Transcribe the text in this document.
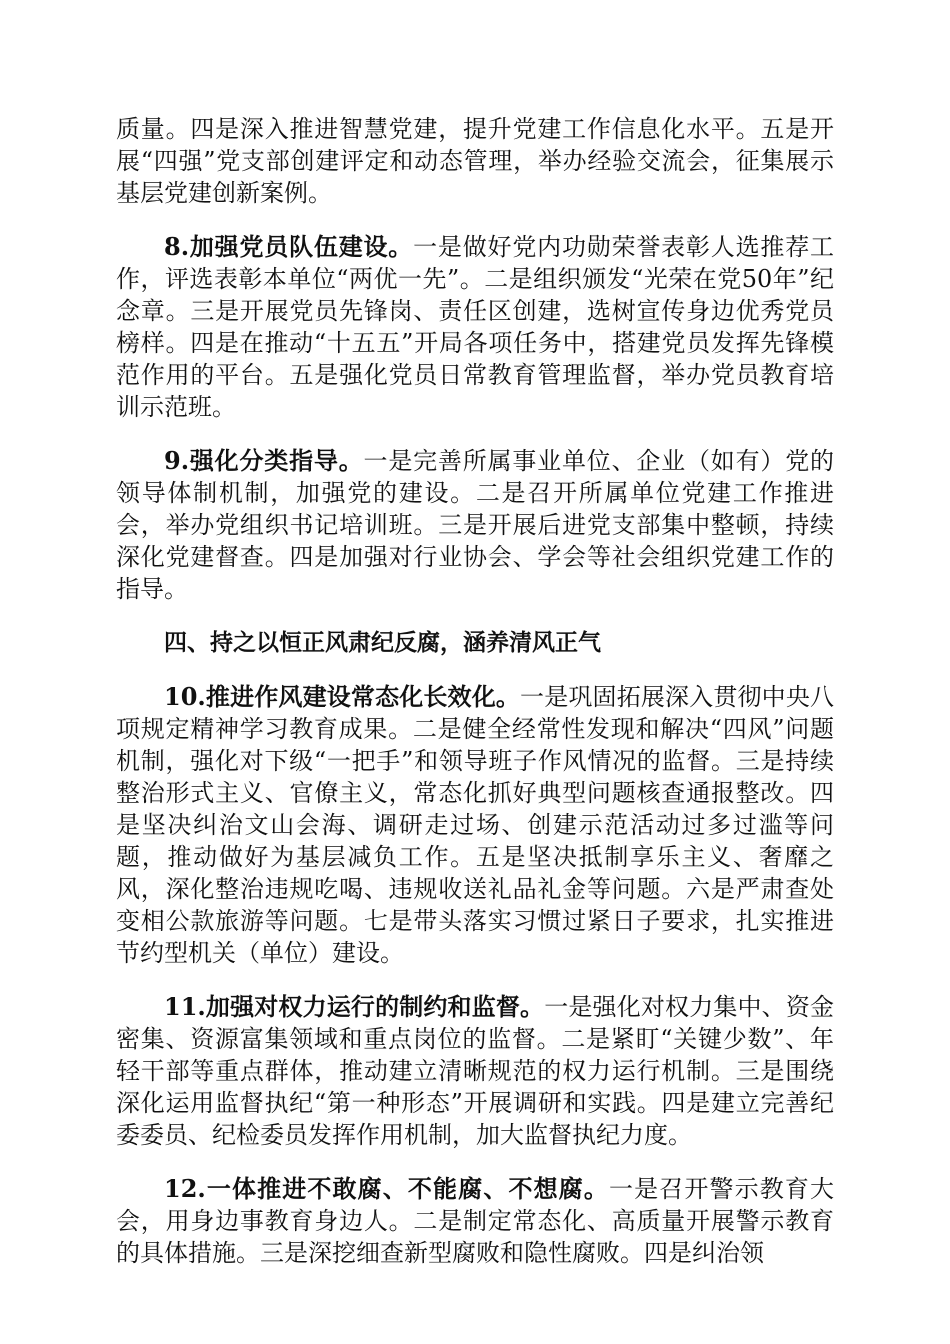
质量。四是深入推进智慧党建，提升党建工作信息化水平。五是开展“四强”党支部创建评定和动态管理，举办经验交流会，征集展示基层党建创新案例。

8.加强党员队伍建设。一是做好党内功勋荣誉表彰人选推荐工作，评选表彰本单位“两优一先”。二是组织颁发“光荣在党50年”纪念章。三是开展党员先锋岗、责任区创建，选树宣传身边优秀党员榜样。四是在推动“十五五”开局各项任务中，搭建党员发挥先锋模范作用的平台。五是强化党员日常教育管理监督，举办党员教育培训示范班。

9.强化分类指导。一是完善所属事业单位、企业（如有）党的领导体制机制，加强党的建设。二是召开所属单位党建工作推进会，举办党组织书记培训班。三是开展后进党支部集中整顿，持续深化党建督查。四是加强对行业协会、学会等社会组织党建工作的指导。

四、持之以恒正风肃纪反腐，涵养清风正气

10.推进作风建设常态化长效化。一是巩固拓展深入贯彻中央八项规定精神学习教育成果。二是健全经常性发现和解决“四风”问题机制，强化对下级“一把手”和领导班子作风情况的监督。三是持续整治形式主义、官僚主义，常态化抓好典型问题核查通报整改。四是坚决纠治文山会海、调研走过场、创建示范活动过多过滥等问题，推动做好为基层减负工作。五是坚决抵制享乐主义、奢靡之风，深化整治违规吃喝、违规收送礼品礼金等问题。六是严肃查处变相公款旅游等问题。七是带头落实习惯过紧日子要求，扎实推进节约型机关（单位）建设。

11.加强对权力运行的制约和监督。一是强化对权力集中、资金密集、资源富集领域和重点岗位的监督。二是紧盯“关键少数”、年轻干部等重点群体，推动建立清晰规范的权力运行机制。三是围绕深化运用监督执纪“第一种形态”开展调研和实践。四是建立完善纪委委员、纪检委员发挥作用机制，加大监督执纪力度。

12.一体推进不敢腐、不能腐、不想腐。一是召开警示教育大会，用身边事教育身边人。二是制定常态化、高质量开展警示教育的具体措施。三是深挖细查新型腐败和隐性腐败。四是纠治领
